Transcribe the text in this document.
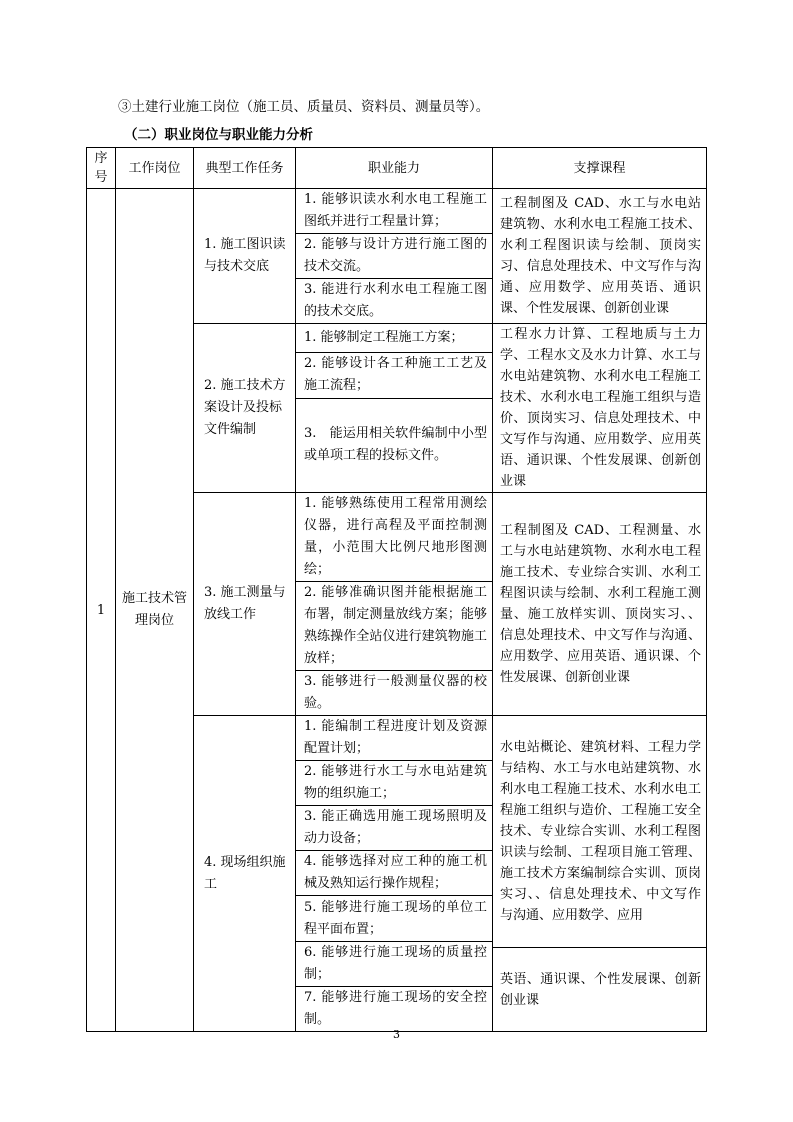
③土建行业施工岗位（施工员、质量员、资料员、测量员等）。
（二）职业岗位与职业能力分析
序号	工作岗位	典型工作任务	职业能力	支撑课程
1	施工技术管理岗位	1. 施工图识读与技术交底	1. 能够识读水利水电工程施工图纸并进行工程量计算；	工程制图及 CAD、水工与水电站建筑物、水利水电工程施工技术、水利工程图识读与绘制、顶岗实习、信息处理技术、中文写作与沟通、应用数学、应用英语、通识课、个性发展课、创新创业课
			2. 能够与设计方进行施工图的技术交流。	
			3. 能进行水利水电工程施工图的技术交底。	
		2. 施工技术方案设计及投标文件编制	1. 能够制定工程施工方案；	工程水力计算、工程地质与土力学、工程水文及水力计算、水工与水电站建筑物、水利水电工程施工技术、水利水电工程施工组织与造价、顶岗实习、信息处理技术、中文写作与沟通、应用数学、应用英语、通识课、个性发展课、创新创业课
			2. 能够设计各工种施工工艺及施工流程；	
			3.　能运用相关软件编制中小型或单项工程的投标文件。	
		3. 施工测量与放线工作	1. 能够熟练使用工程常用测绘仪器，进行高程及平面控制测量，小范围大比例尺地形图测绘；	工程制图及 CAD、工程测量、水工与水电站建筑物、水利水电工程施工技术、专业综合实训、水利工程图识读与绘制、水利工程施工测量、施工放样实训、顶岗实习、、信息处理技术、中文写作与沟通、应用数学、应用英语、通识课、个性发展课、创新创业课
			2. 能够准确识图并能根据施工布署，制定测量放线方案；能够熟练操作全站仪进行建筑物施工放样；	
			3. 能够进行一般测量仪器的校验。	
		4. 现场组织施工	1. 能编制工程进度计划及资源配置计划；	水电站概论、建筑材料、工程力学与结构、水工与水电站建筑物、水利水电工程施工技术、水利水电工程施工组织与造价、工程施工安全技术、专业综合实训、水利工程图识读与绘制、工程项目施工管理、施工技术方案编制综合实训、顶岗实习、、信息处理技术、中文写作与沟通、应用数学、应用
			2. 能够进行水工与水电站建筑物的组织施工；	
			3. 能正确选用施工现场照明及动力设备；	
			4. 能够选择对应工种的施工机械及熟知运行操作规程；	
			5. 能够进行施工现场的单位工程平面布置；	

			6. 能够进行施工现场的质量控制；	

				英语、通识课、个性发展课、创新创业课
			7. 能够进行施工现场的安全控制。	
3
